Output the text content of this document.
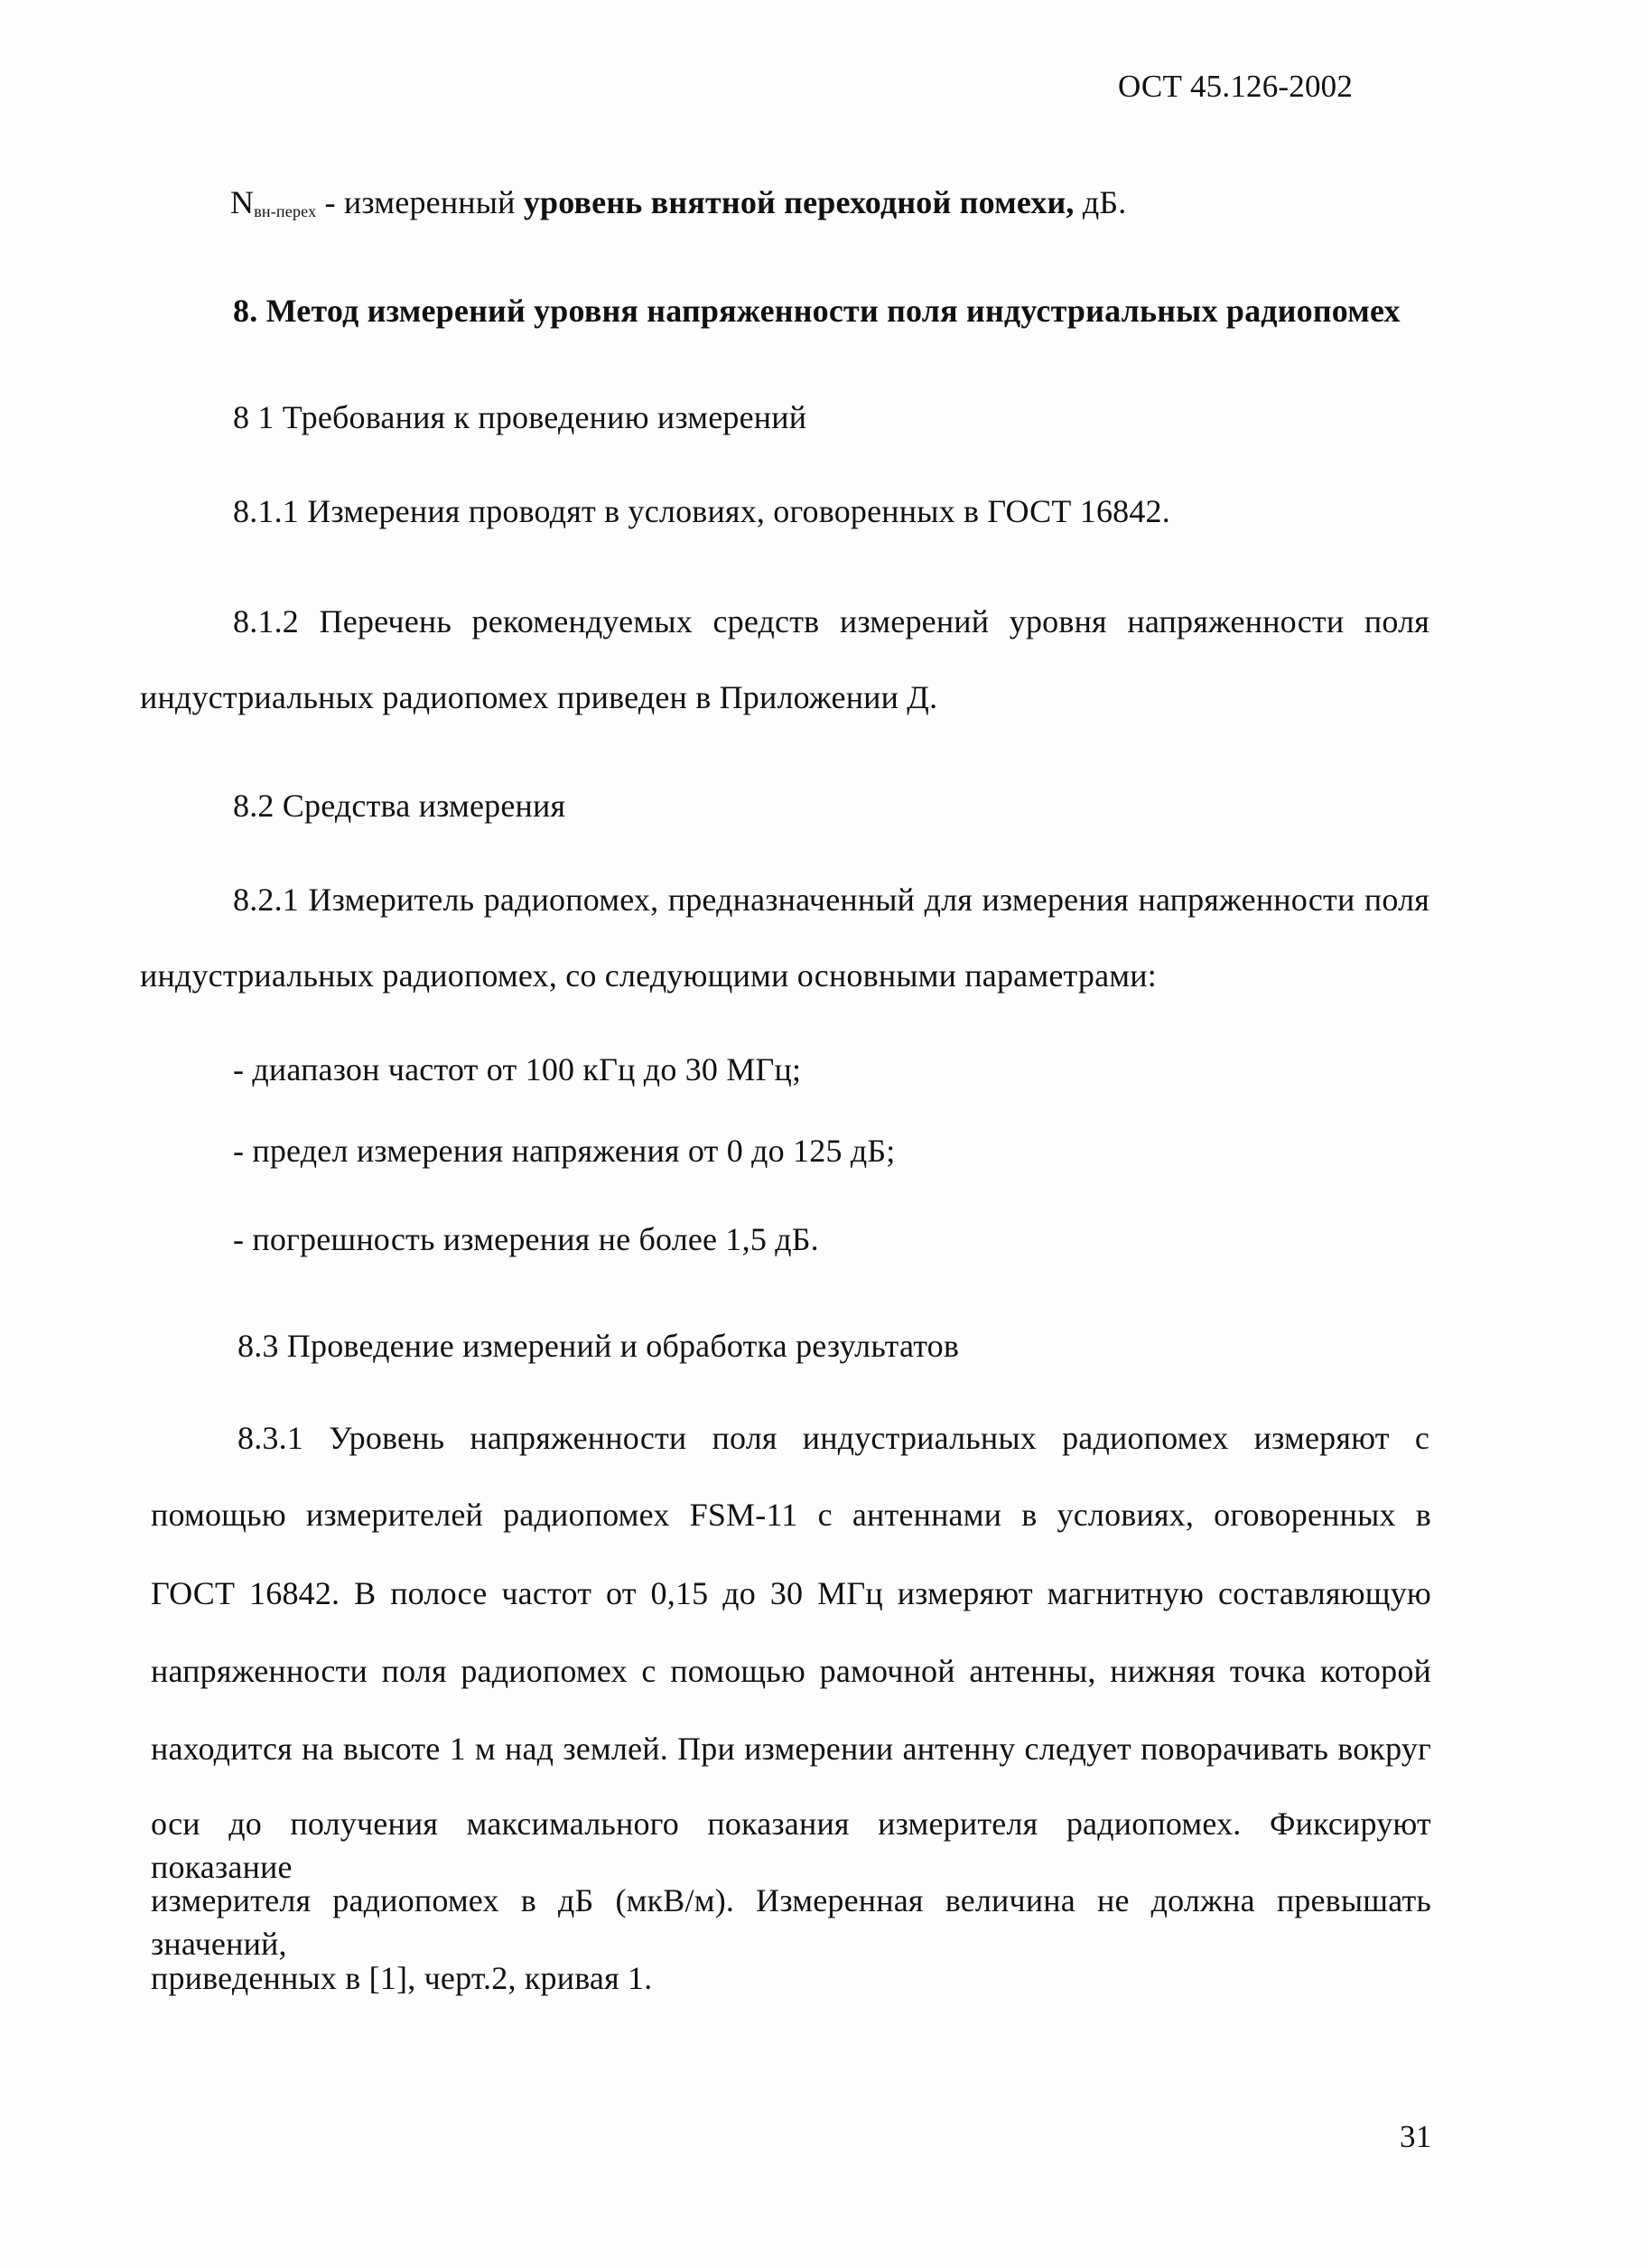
ОСТ 45.126-2002
Nвн-перех - измеренный уровень внятной переходной помехи, дБ.
8. Метод измерений уровня напряженности поля индустриальных радиопомех
8 1 Требования к проведению измерений
8.1.1 Измерения проводят в условиях, оговоренных в ГОСТ 16842.
8.1.2 Перечень рекомендуемых средств измерений уровня напряженности поля
индустриальных радиопомех приведен в Приложении Д.
8.2 Средства измерения
8.2.1 Измеритель радиопомех, предназначенный для измерения напряженности поля
индустриальных радиопомех, со следующими основными параметрами:
- диапазон частот от 100 кГц до 30 МГц;
- предел измерения напряжения от 0 до 125 дБ;
- погрешность измерения не более 1,5 дБ.
8.3 Проведение измерений и обработка результатов
8.3.1 Уровень напряженности поля индустриальных радиопомех измеряют с
помощью измерителей радиопомех FSM-11 с антеннами в условиях, оговоренных в
ГОСТ 16842. В полосе частот от 0,15 до 30 МГц измеряют магнитную составляющую
напряженности поля радиопомех с помощью рамочной антенны, нижняя точка которой
находится на высоте 1 м над землей. При измерении антенну следует поворачивать вокруг
оси до получения максимального показания измерителя радиопомех. Фиксируют показание
измерителя радиопомех в дБ (мкВ/м). Измеренная величина не должна превышать значений,
приведенных в [1], черт.2, кривая 1.
31
